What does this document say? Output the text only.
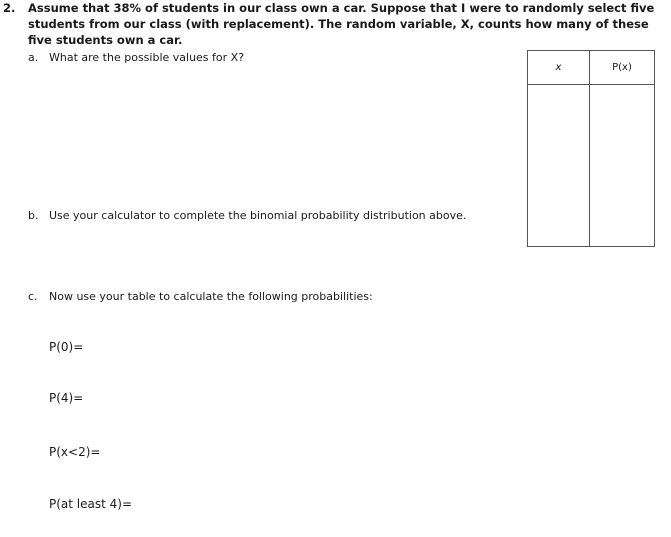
2. Assume that 38% of students in our class own a car. Suppose that I were to randomly select five students from our class (with replacement). The random variable, X, counts how many of these five students own a car.
a. What are the possible values for X?
b. Use your calculator to complete the binomial probability distribution above.
c. Now use your table to calculate the following probabilities:
x	P(x)

P(0)=
P(4)=
P(x<2)=
P(at least 4)=
